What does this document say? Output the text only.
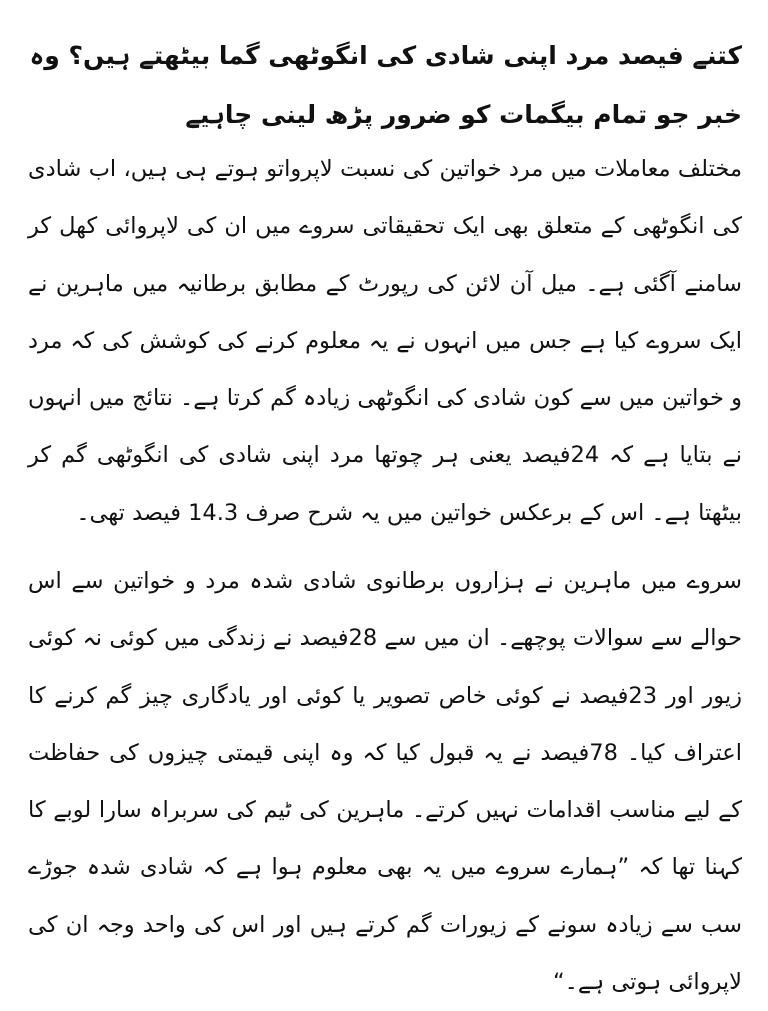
کتنے فیصد مرد اپنی شادی کی انگوٹھی گما بیٹھتے ہیں؟ وہ خبر جو تمام بیگمات کو ضرور پڑھ لینی چاہیے

مختلف معاملات میں مرد خواتین کی نسبت لاپرواتو ہوتے ہی ہیں، اب شادی کی انگوٹھی کے متعلق بھی ایک تحقیقاتی سروے میں ان کی لاپروائی کھل کر سامنے آگئی ہے۔ میل آن لائن کی رپورٹ کے مطابق برطانیہ میں ماہرین نے ایک سروے کیا ہے جس میں انہوں نے یہ معلوم کرنے کی کوشش کی کہ مرد و خواتین میں سے کون شادی کی انگوٹھی زیادہ گم کرتا ہے۔ نتائج میں انہوں نے بتایا ہے کہ 24فیصد یعنی ہر چوتھا مرد اپنی شادی کی انگوٹھی گم کر بیٹھتا ہے۔ اس کے برعکس خواتین میں یہ شرح صرف 14.3 فیصد تھی۔

سروے میں ماہرین نے ہزاروں برطانوی شادی شدہ مرد و خواتین سے اس حوالے سے سوالات پوچھے۔ ان میں سے 28فیصد نے زندگی میں کوئی نہ کوئی زیور اور 23فیصد نے کوئی خاص تصویر یا کوئی اور یادگاری چیز گم کرنے کا اعتراف کیا۔ 78فیصد نے یہ قبول کیا کہ وہ اپنی قیمتی چیزوں کی حفاظت کے لیے مناسب اقدامات نہیں کرتے۔ ماہرین کی ٹیم کی سربراہ سارا لوبے کا کہنا تھا کہ ”ہمارے سروے میں یہ بھی معلوم ہوا ہے کہ شادی شدہ جوڑے سب سے زیادہ سونے کے زیورات گم کرتے ہیں اور اس کی واحد وجہ ان کی لاپروائی ہوتی ہے۔“
